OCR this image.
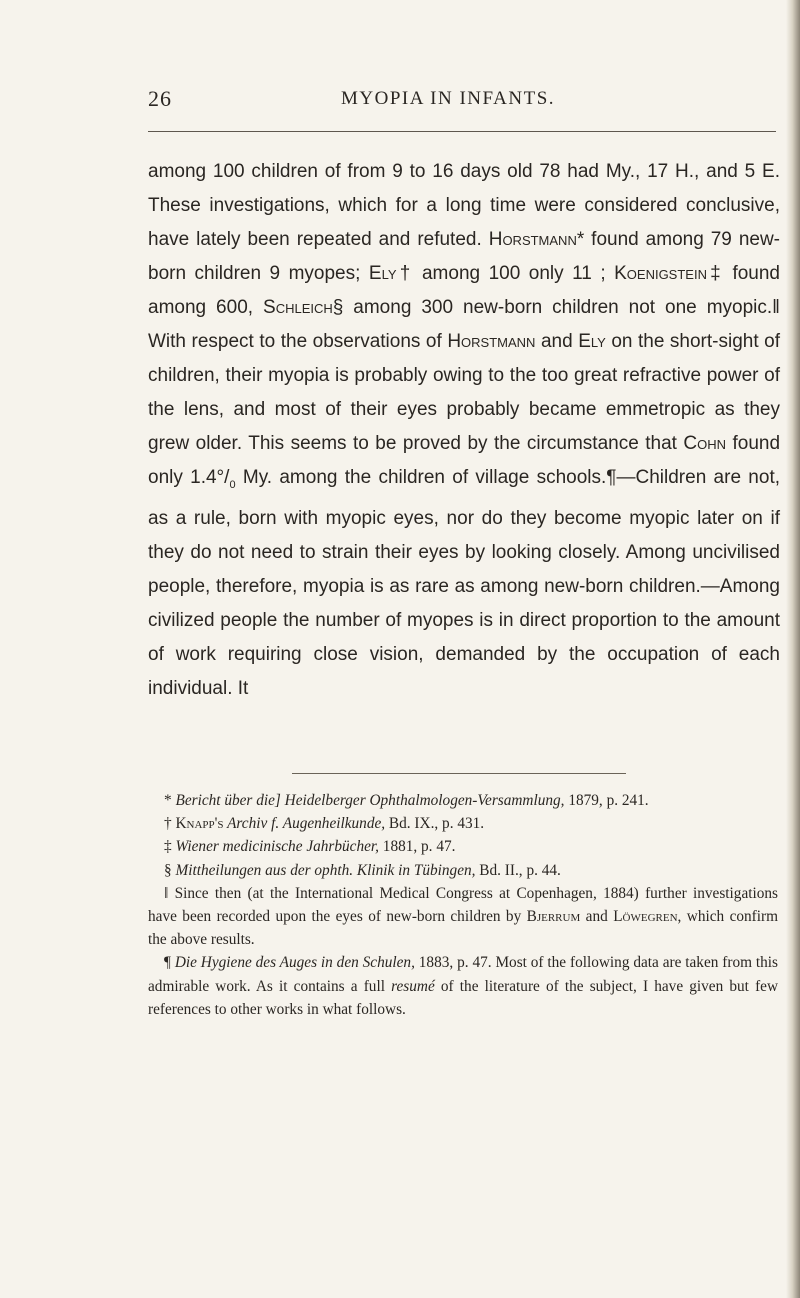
26	MYOPIA IN INFANTS.

among 100 children of from 9 to 16 days old 78 had My., 17 H., and 5 E. These investigations, which for a long time were considered conclusive, have lately been repeated and refuted. Horstmann* found among 79 new-born children 9 myopes; Ely† among 100 only 11 ; Koenigstein‡ found among 600, Schleich§ among 300 new-born children not one myopic.‖ With respect to the observations of Horstmann and Ely on the short-sight of children, their myopia is probably owing to the too great refractive power of the lens, and most of their eyes probably became emmetropic as they grew older. This seems to be proved by the circumstance that Cohn found only $1.4^\circ/_0$ My. among the children of village schools.¶—Children are not, as a rule, born with myopic eyes, nor do they become myopic later on if they do not need to strain their eyes by looking closely. Among uncivilised people, therefore, myopia is as rare as among new-born children.—Among civilized people the number of myopes is in direct proportion to the amount of work requiring close vision, demanded by the occupation of each individual. It

* Bericht über die] Heidelberger Ophthalmologen-Versammlung, 1879, p. 241.

† Knapp's Archiv f. Augenheilkunde, Bd. IX., p. 431.

‡ Wiener medicinische Jahrbücher, 1881, p. 47.

§ Mittheilungen aus der ophth. Klinik in Tübingen, Bd. II., p. 44.

‖ Since then (at the International Medical Congress at Copenhagen, 1884) further investigations have been recorded upon the eyes of new-born children by Bjerrum and Löwegren, which confirm the above results.

¶ Die Hygiene des Auges in den Schulen, 1883, p. 47. Most of the following data are taken from this admirable work. As it contains a full resumé of the literature of the subject, I have given but few references to other works in what follows.
